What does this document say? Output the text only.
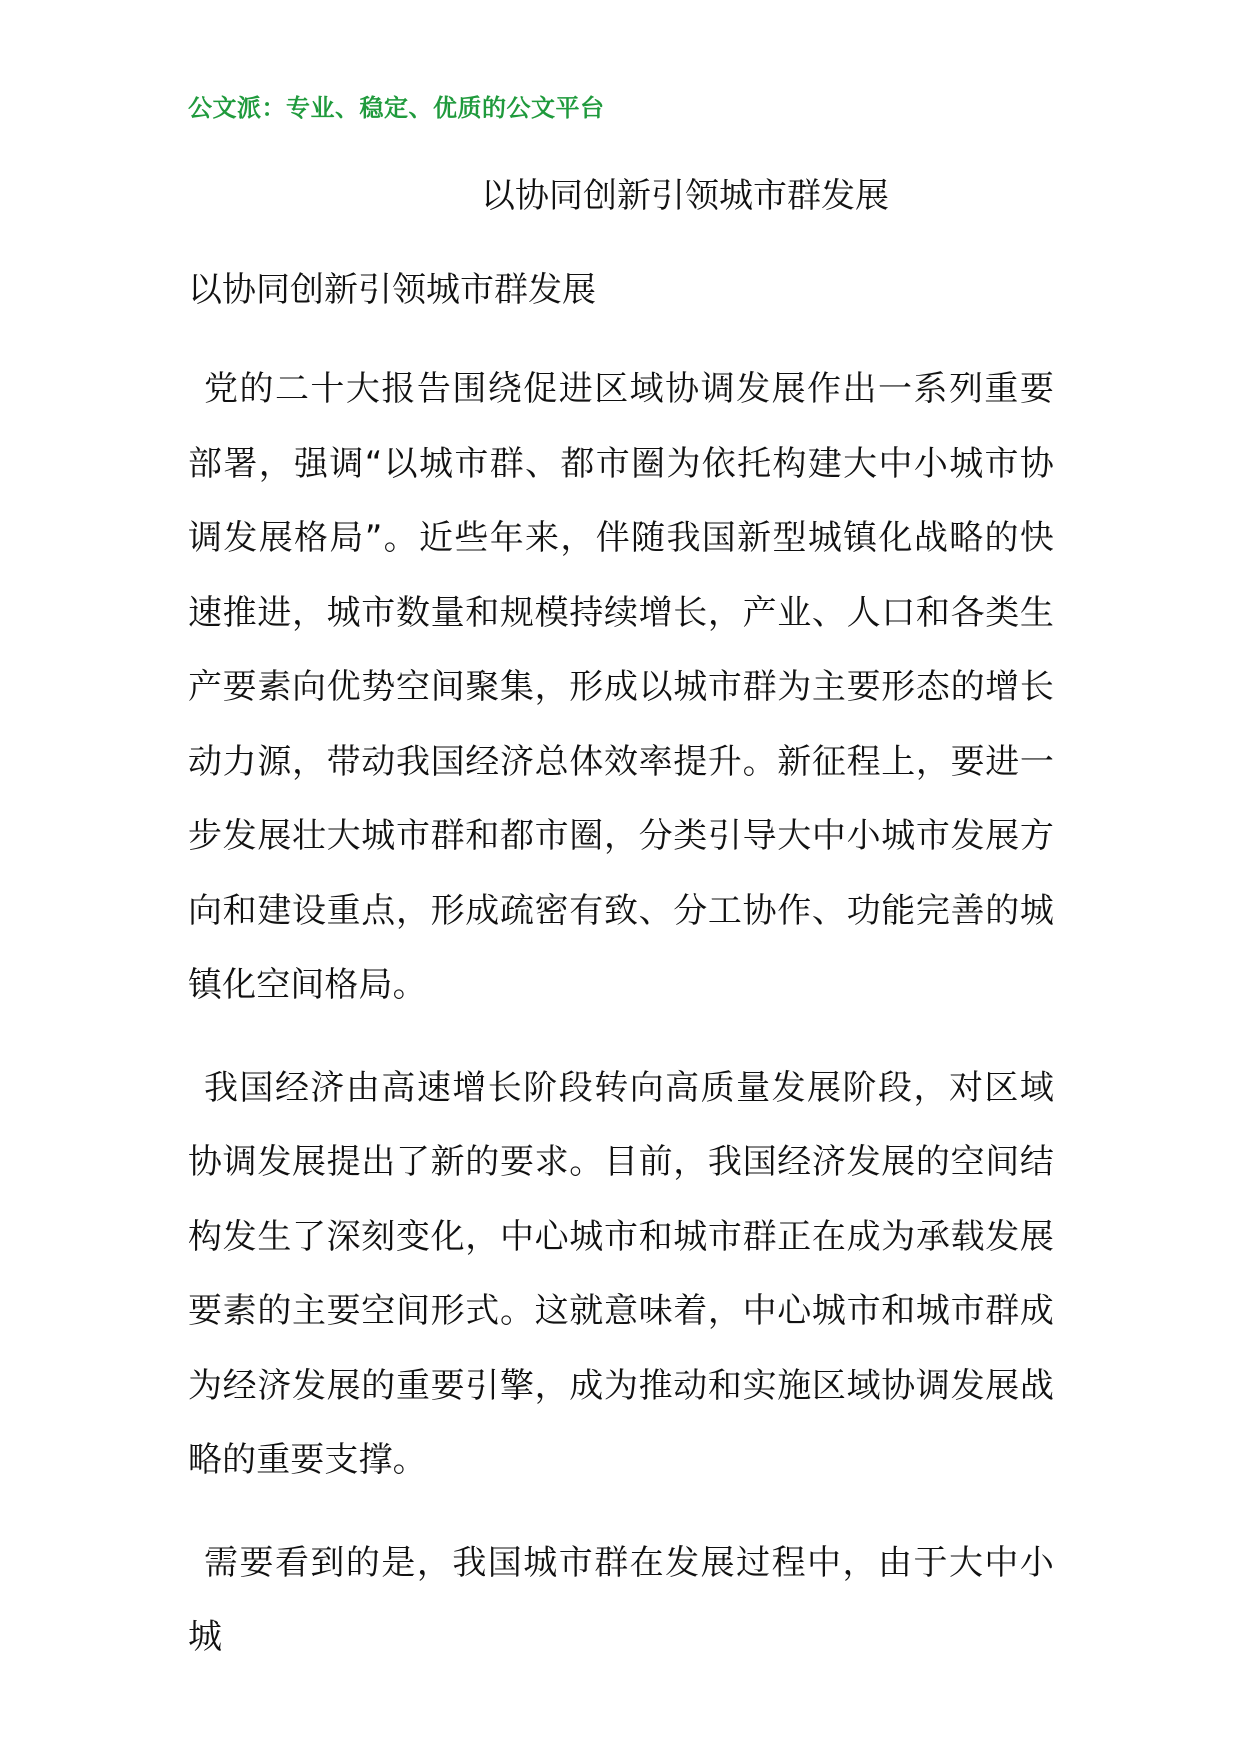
公文派：专业、稳定、优质的公文平台
以协同创新引领城市群发展
以协同创新引领城市群发展

党的二十大报告围绕促进区域协调发展作出一系列重要部署，强调“以城市群、都市圈为依托构建大中小城市协调发展格局”。近些年来，伴随我国新型城镇化战略的快速推进，城市数量和规模持续增长，产业、人口和各类生产要素向优势空间聚集，形成以城市群为主要形态的增长动力源，带动我国经济总体效率提升。新征程上，要进一步发展壮大城市群和都市圈，分类引导大中小城市发展方向和建设重点，形成疏密有致、分工协作、功能完善的城镇化空间格局。

我国经济由高速增长阶段转向高质量发展阶段，对区域协调发展提出了新的要求。目前，我国经济发展的空间结构发生了深刻变化，中心城市和城市群正在成为承载发展要素的主要空间形式。这就意味着，中心城市和城市群成为经济发展的重要引擎，成为推动和实施区域协调发展战略的重要支撑。

需要看到的是，我国城市群在发展过程中，由于大中小城
